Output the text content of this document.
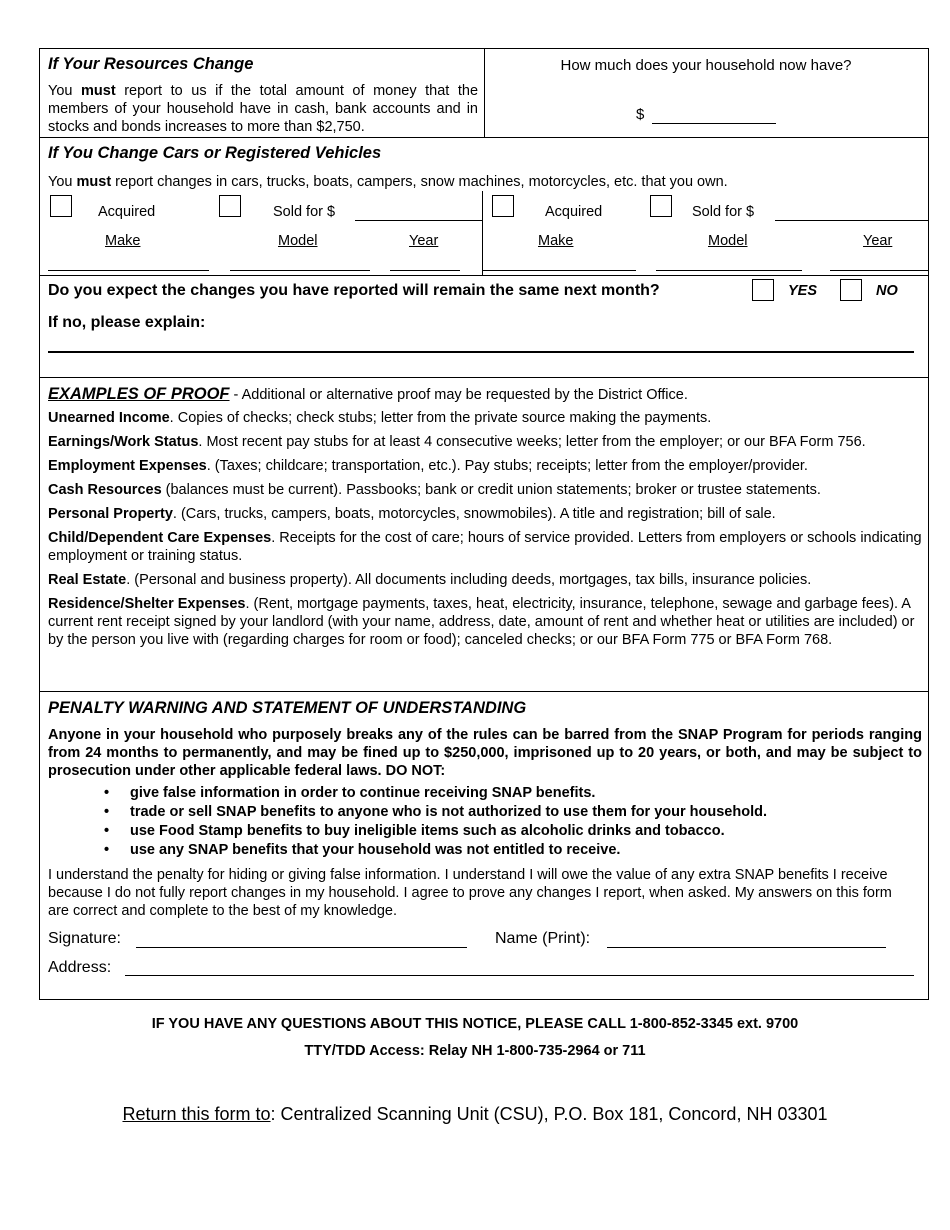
If Your Resources Change
You must report to us if the total amount of money that the members of your household have in cash, bank accounts and in stocks and bonds increases to more than $2,750.
How much does your household now have?
$
If You Change Cars or Registered Vehicles
You must report changes in cars, trucks, boats, campers, snow machines, motorcycles, etc. that you own.
Acquired	Sold for $
Make	Model	Year
Acquired	Sold for $
Make	Model	Year
Do you expect the changes you have reported will remain the same next month?	YES	NO
If no, please explain:
EXAMPLES OF PROOF - Additional or alternative proof may be requested by the District Office.
Unearned Income. Copies of checks; check stubs; letter from the private source making the payments.
Earnings/Work Status. Most recent pay stubs for at least 4 consecutive weeks; letter from the employer; or our BFA Form 756.
Employment Expenses. (Taxes; childcare; transportation, etc.). Pay stubs; receipts; letter from the employer/provider.
Cash Resources (balances must be current). Passbooks; bank or credit union statements; broker or trustee statements.
Personal Property. (Cars, trucks, campers, boats, motorcycles, snowmobiles). A title and registration; bill of sale.
Child/Dependent Care Expenses. Receipts for the cost of care; hours of service provided. Letters from employers or schools indicating employment or training status.
Real Estate. (Personal and business property). All documents including deeds, mortgages, tax bills, insurance policies.
Residence/Shelter Expenses. (Rent, mortgage payments, taxes, heat, electricity, insurance, telephone, sewage and garbage fees). A current rent receipt signed by your landlord (with your name, address, date, amount of rent and whether heat or utilities are included) or by the person you live with (regarding charges for room or food); canceled checks; or our BFA Form 775 or BFA Form 768.
PENALTY WARNING AND STATEMENT OF UNDERSTANDING
Anyone in your household who purposely breaks any of the rules can be barred from the SNAP Program for periods ranging from 24 months to permanently, and may be fined up to $250,000, imprisoned up to 20 years, or both, and may be subject to prosecution under other applicable federal laws. DO NOT:
• give false information in order to continue receiving SNAP benefits.
• trade or sell SNAP benefits to anyone who is not authorized to use them for your household.
• use Food Stamp benefits to buy ineligible items such as alcoholic drinks and tobacco.
• use any SNAP benefits that your household was not entitled to receive.
I understand the penalty for hiding or giving false information. I understand I will owe the value of any extra SNAP benefits I receive because I do not fully report changes in my household. I agree to prove any changes I report, when asked. My answers on this form are correct and complete to the best of my knowledge.
Signature:	Name (Print):
Address:
IF YOU HAVE ANY QUESTIONS ABOUT THIS NOTICE, PLEASE CALL 1-800-852-3345 ext. 9700
TTY/TDD Access: Relay NH 1-800-735-2964 or 711
Return this form to: Centralized Scanning Unit (CSU), P.O. Box 181, Concord, NH 03301
